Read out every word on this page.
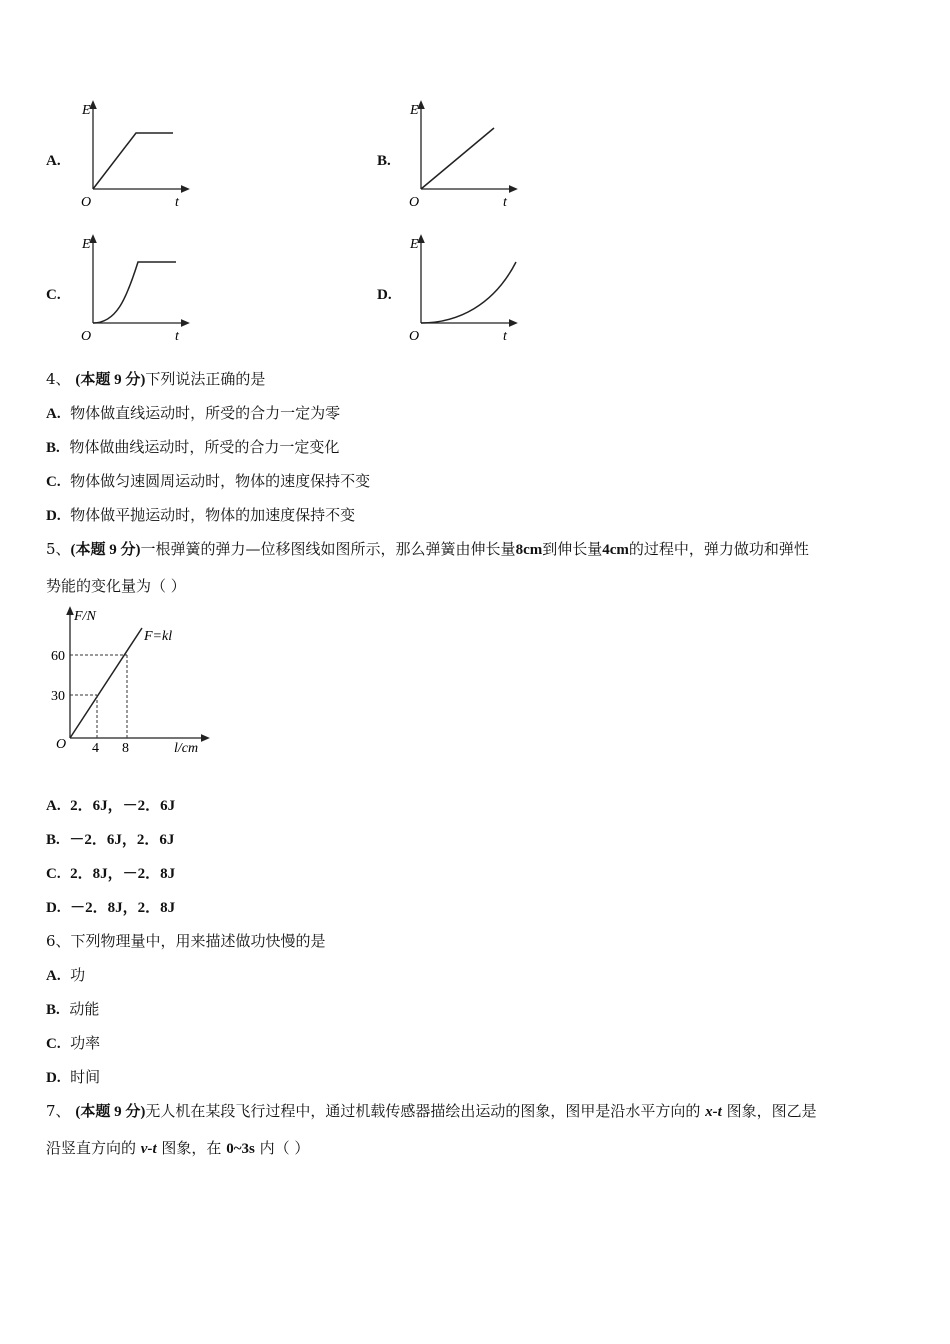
A.
E
O	t
B.
E
O	t
C.
E
O	t
D.
E
O	t
4、 (本题 9 分)下列说法正确的是
A. 物体做直线运动时，所受的合力一定为零
B. 物体做曲线运动时，所受的合力一定变化
C. 物体做匀速圆周运动时，物体的速度保持不变
D. 物体做平抛运动时，物体的加速度保持不变
5、(本题 9 分)一根弹簧的弹力—位移图线如图所示，那么弹簧由伸长量8cm到伸长量4cm的过程中，弹力做功和弹性
势能的变化量为（ ）
F/N
F=kl
60
30
O 4 8	l/cm
A. 2．6J，－2．6J
B. －2．6J，2．6J
C. 2．8J，－2．8J
D. －2．8J，2．8J
6、下列物理量中，用来描述做功快慢的是
A. 功
B. 动能
C. 功率
D. 时间
7、 (本题 9 分)无人机在某段飞行过程中，通过机载传感器描绘出运动的图象，图甲是沿水平方向的 x-t 图象，图乙是
沿竖直方向的 v-t 图象，在 0~3s 内（ ）
